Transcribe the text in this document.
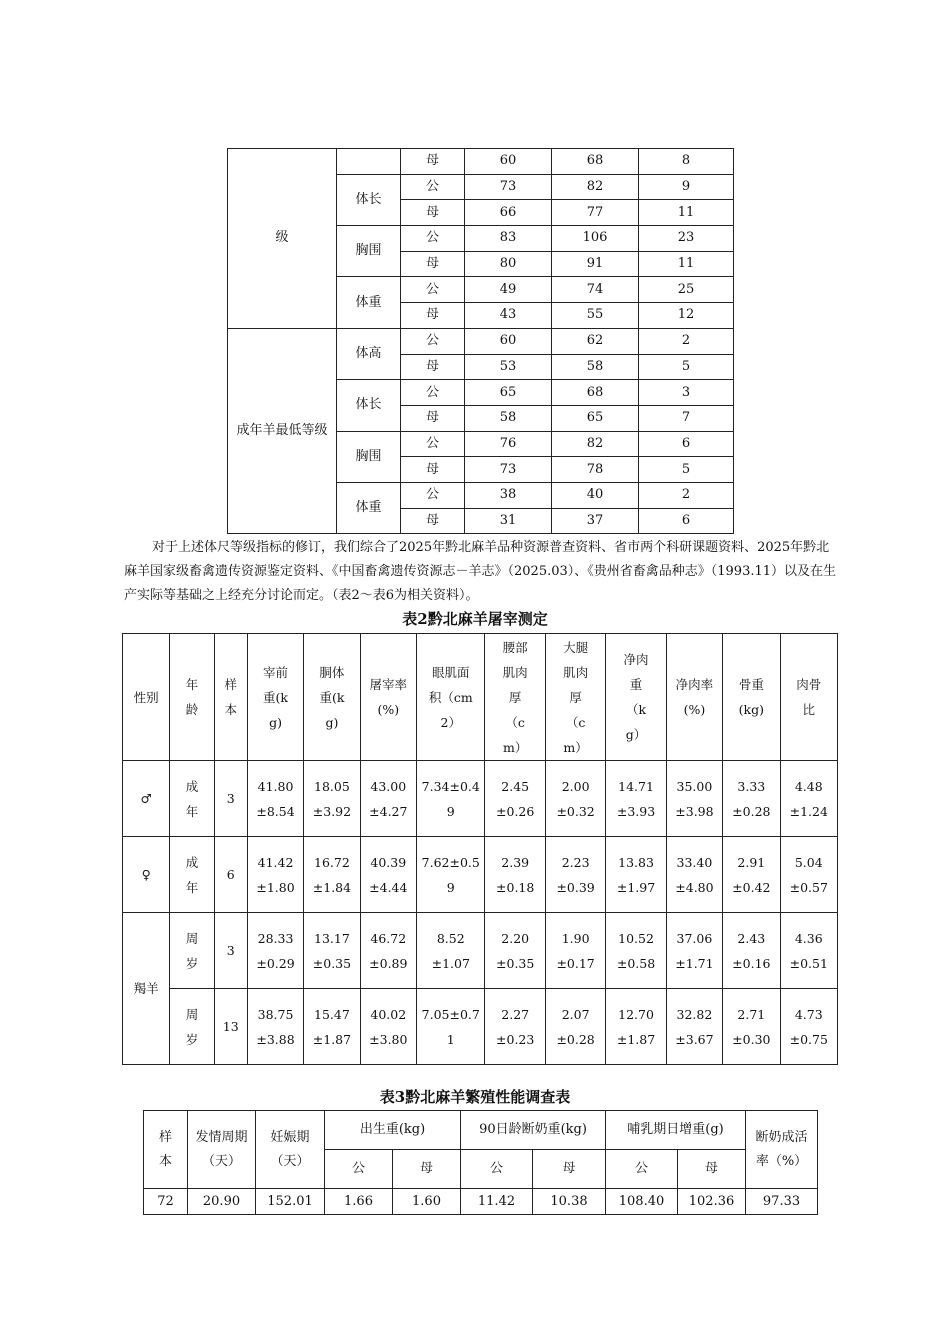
级		母	60	68	8
	体长	公	73	82	9
		母	66	77	11
	胸围	公	83	106	23
		母	80	91	11
	体重	公	49	74	25
		母	43	55	12

成年羊最低等级	体高	公	60	62	2
		母	53	58	5
	体长	公	65	68	3
		母	58	65	7
	胸围	公	76	82	6
		母	73	78	5
	体重	公	38	40	2
		母	31	37	6

对于上述体尺等级指标的修订，我们综合了2025年黔北麻羊品种资源普查资料、省市两个科研课题资料、2025年黔北麻羊国家级畜禽遗传资源鉴定资料、《中国畜禽遗传资源志－羊志》（2025.03）、《贵州省畜禽品种志》（1993.11）以及在生产实际等基础之上经充分讨论而定。（表2～表6为相关资料）。

表2黔北麻羊屠宰测定
性别	年龄	样本	宰前重(kg)	胴体重(kg)	屠宰率(%)	眼肌面积（cm2）	腰部肌肉厚（cm）	大腿肌肉厚（cm）	净肉重（kg）	净肉率(%)	骨重(kg)	肉骨比

♂	成年	3	41.80±8.54	18.05±3.92	43.00±4.27	7.34±0.49	2.45±0.26	2.00±0.32	14.71±3.93	35.00±3.98	3.33±0.28	4.48±1.24

♀	成年	6	41.42±1.80	16.72±1.84	40.39±4.44	7.62±0.59	2.39±0.18	2.23±0.39	13.83±1.97	33.40±4.80	2.91±0.42	5.04±0.57

羯羊	周岁	3	28.33±0.29	13.17±0.35	46.72±0.89	8.52±1.07	2.20±0.35	1.90±0.17	10.52±0.58	37.06±1.71	2.43±0.16	4.36±0.51

	周岁	13	38.75±3.88	15.47±1.87	40.02±3.80	7.05±0.71	2.27±0.23	2.07±0.28	12.70±1.87	32.82±3.67	2.71±0.30	4.73±0.75
表3黔北麻羊繁殖性能调查表
样本	发情周期（天）	妊娠期（天）	出生重(kg)		90日龄断奶重(kg)		哺乳期日增重(g)		断奶成活率（%）

			公	母	公	母	公	母	
72	20.90	152.01	1.66	1.60	11.42	10.38	108.40	102.36	97.33
